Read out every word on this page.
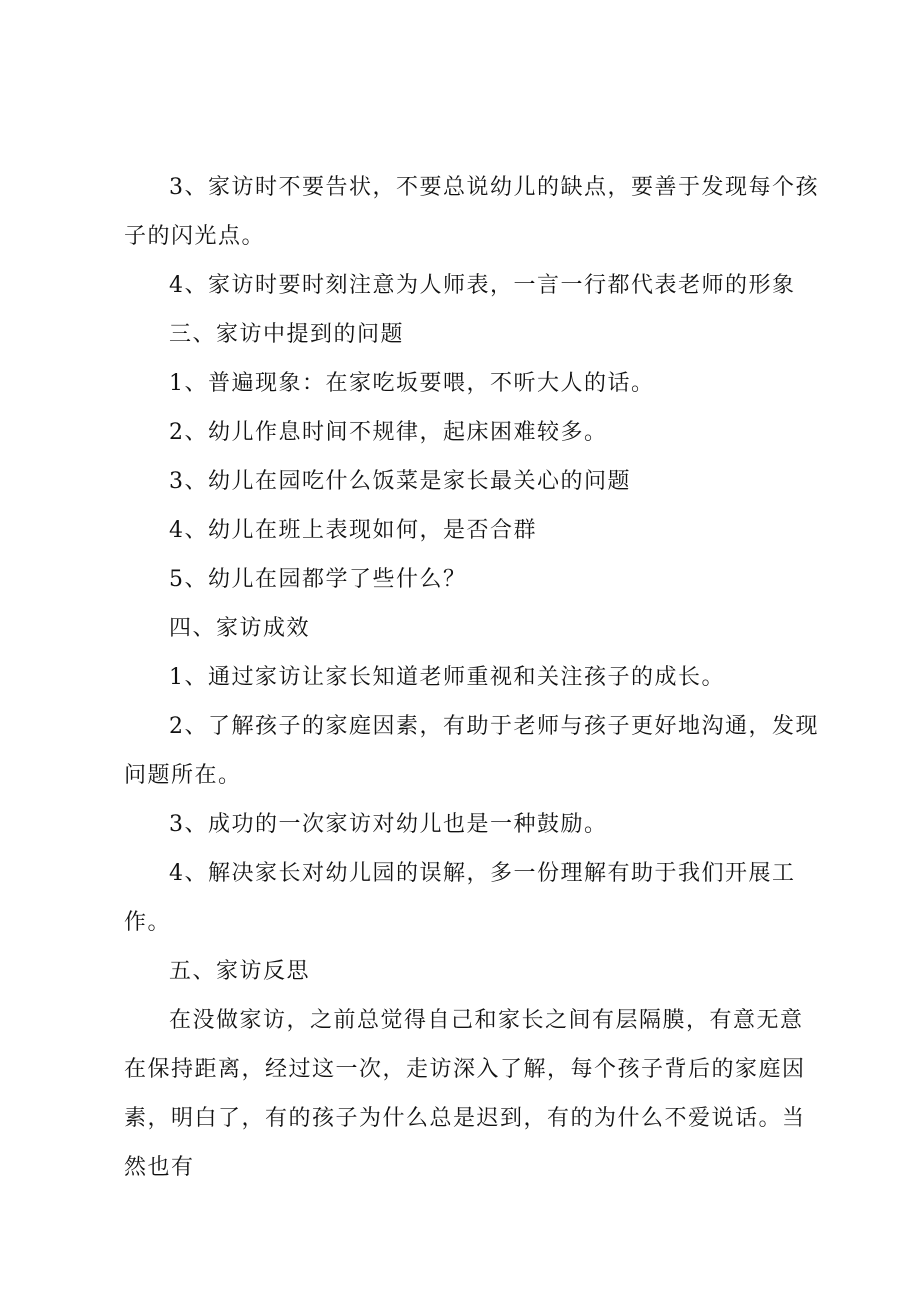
3、家访时不要告状，不要总说幼儿的缺点，要善于发现每个孩子的闪光点。

4、家访时要时刻注意为人师表，一言一行都代表老师的形象

三、家访中提到的问题

1、普遍现象：在家吃坂要喂，不听大人的话。

2、幼儿作息时间不规律，起床困难较多。

3、幼儿在园吃什么饭菜是家长最关心的问题

4、幼儿在班上表现如何，是否合群

5、幼儿在园都学了些什么？

四、家访成效

1、通过家访让家长知道老师重视和关注孩子的成长。

2、了解孩子的家庭因素，有助于老师与孩子更好地沟通，发现问题所在。

3、成功的一次家访对幼儿也是一种鼓励。

4、解决家长对幼儿园的误解，多一份理解有助于我们开展工作。

五、家访反思

在没做家访，之前总觉得自己和家长之间有层隔膜，有意无意在保持距离，经过这一次，走访深入了解，每个孩子背后的家庭因素，明白了，有的孩子为什么总是迟到，有的为什么不爱说话。当然也有
